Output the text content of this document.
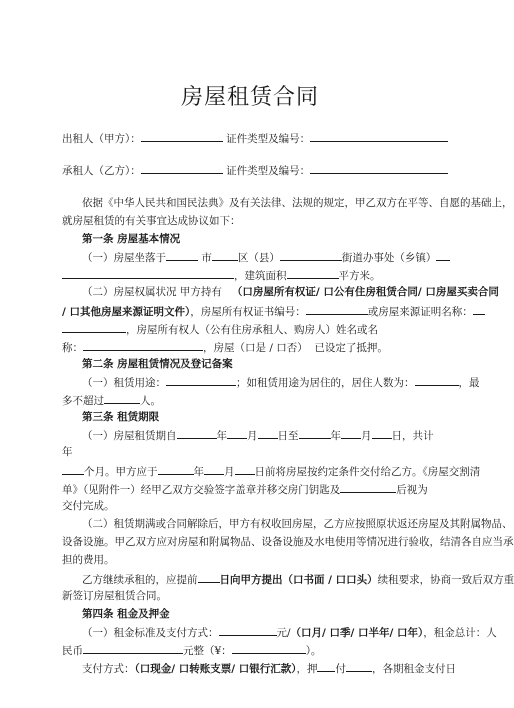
房屋租赁合同
出租人（甲方）：	证件类型及编号：
承租人（乙方）：	证件类型及编号：
依据《中华人民共和国民法典》及有关法律、法规的规定，甲乙双方在平等、自愿的基础上，
就房屋租赁的有关事宜达成协议如下：
第一条 房屋基本情况
（一）房屋坐落于	市 区（县）	街道办事处（乡镇）
，建筑面积	平方米。
（二）房屋权属状况 甲方持有 （口房屋所有权证/ 口公有住房租赁合同/ 口房屋买卖合同
/ 口其他房屋来源证明文件），房屋所有权证书编号：	或房屋来源证明名称：
，房屋所有权人（公有住房承租人、购房人）姓名或名
称：	，房屋（口是 / 口否） 已设定了抵押。
第二条 房屋租赁情况及登记备案
（一）租赁用途：	；如租赁用途为居住的，居住人数为：	，最
多不超过	人。
第三条 租赁期限
（一）房屋租赁期自	年 月 日至	年 月 日，共计
年
个月。甲方应于	年 月 日前将房屋按约定条件交付给乙方。《房屋交割清
单》（见附件一）经甲乙双方交验签字盖章并移交房门钥匙及	后视为
交付完成。
（二）租赁期满或合同解除后，甲方有权收回房屋，乙方应按照原状返还房屋及其附属物品、
设备设施。甲乙双方应对房屋和附属物品、设备设施及水电使用等情况进行验收，结清各自应当承
担的费用。
乙方继续承租的，应提前 日向甲方提出（口书面 / 口口头）续租要求，协商一致后双方重
新签订房屋租赁合同。
第四条 租金及押金
（一）租金标准及支付方式：	元/（口月/ 口季/ 口半年/ 口年），租金总计：人
民币	元整（¥：	）。
支付方式：（口现金/ 口转账支票/ 口银行汇款），押 付 ，各期租金支付日
